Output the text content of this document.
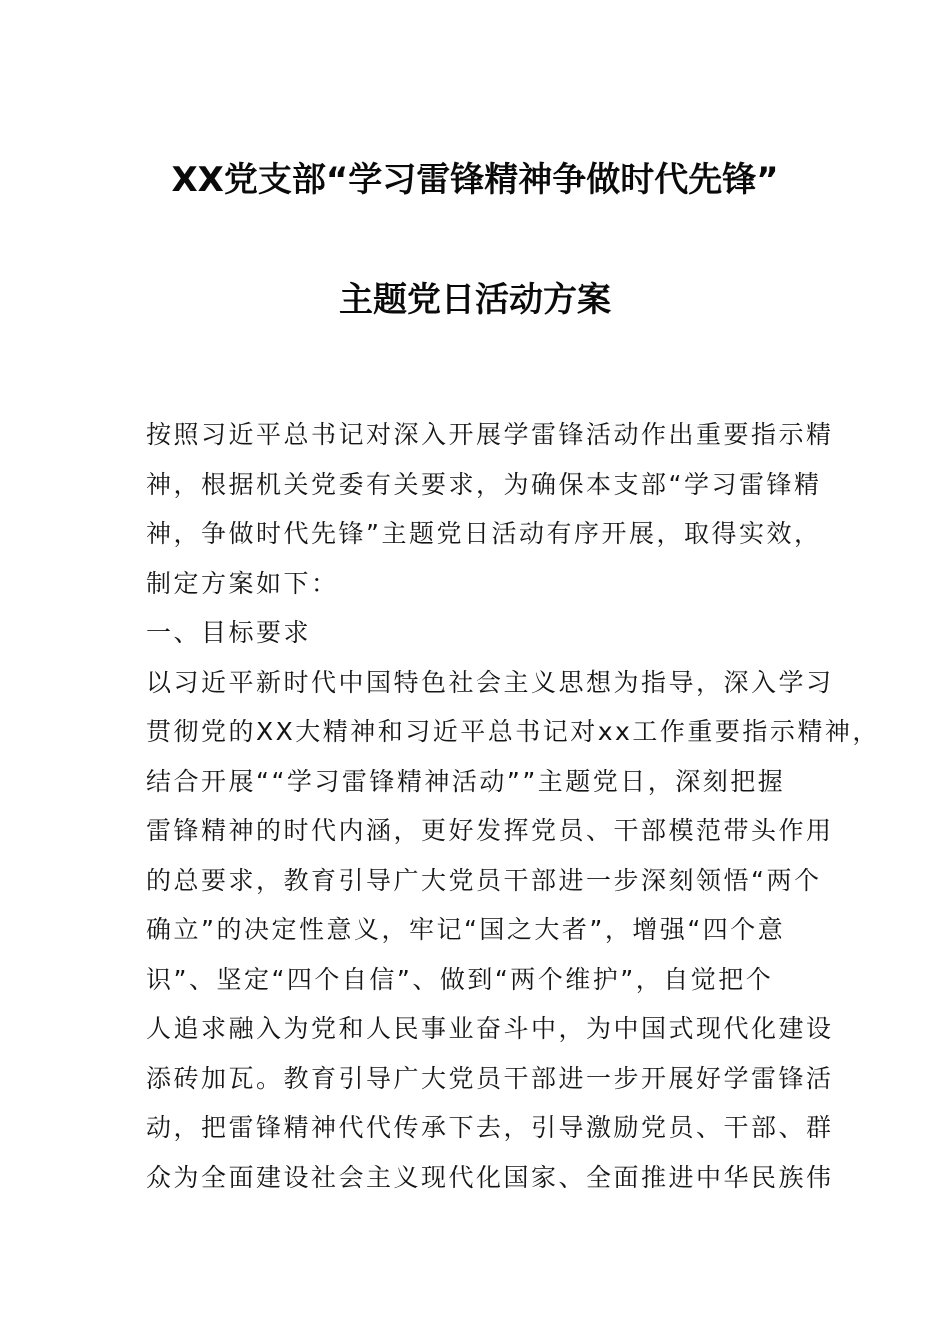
XX党支部“学习雷锋精神争做时代先锋”
主题党日活动方案
按照习近平总书记对深入开展学雷锋活动作出重要指示精
神，根据机关党委有关要求，为确保本支部“学习雷锋精
神，争做时代先锋”主题党日活动有序开展，取得实效，
制定方案如下：
一、目标要求
以习近平新时代中国特色社会主义思想为指导，深入学习
贯彻党的XX大精神和习近平总书记对xx工作重要指示精神，
结合开展““学习雷锋精神活动””主题党日，深刻把握
雷锋精神的时代内涵，更好发挥党员、干部模范带头作用
的总要求，教育引导广大党员干部进一步深刻领悟“两个
确立”的决定性意义，牢记“国之大者”，增强“四个意
识”、坚定“四个自信”、做到“两个维护”，自觉把个
人追求融入为党和人民事业奋斗中，为中国式现代化建设
添砖加瓦。教育引导广大党员干部进一步开展好学雷锋活
动，把雷锋精神代代传承下去，引导激励党员、干部、群
众为全面建设社会主义现代化国家、全面推进中华民族伟
